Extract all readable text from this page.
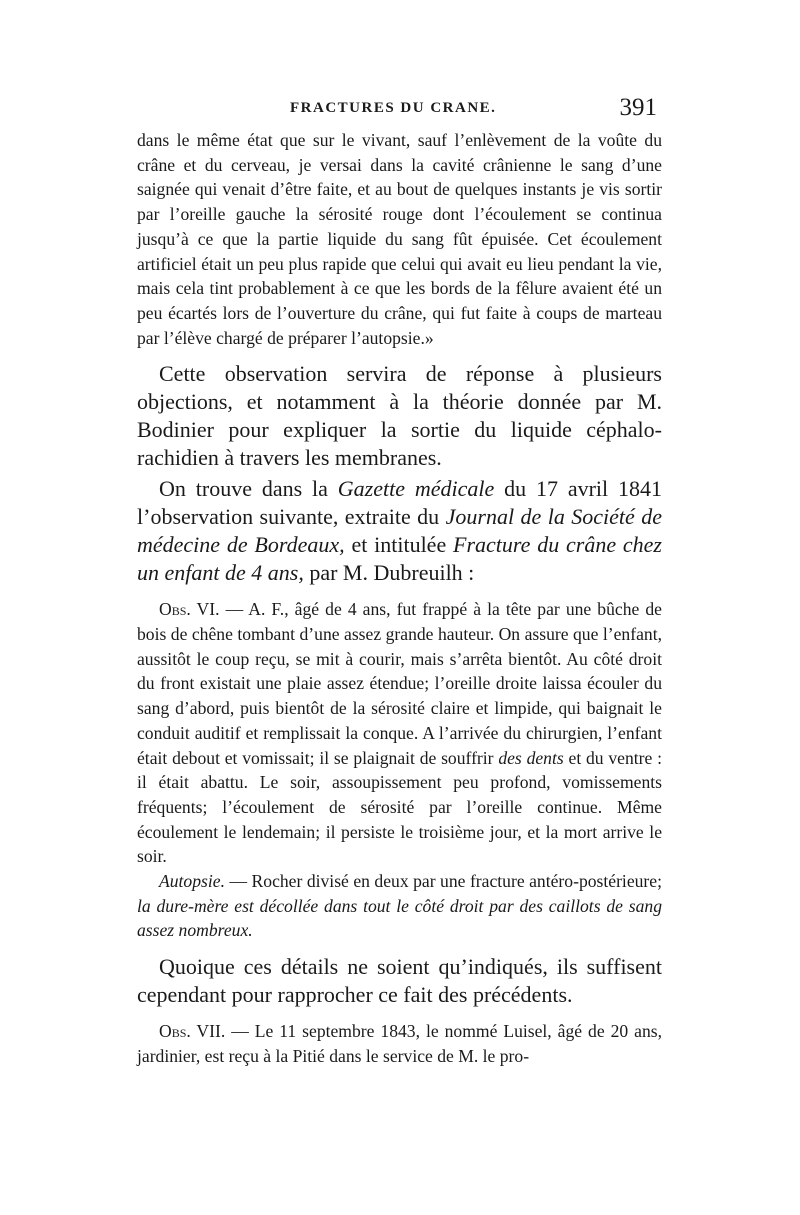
FRACTURES DU CRANE.	391

dans le même état que sur le vivant, sauf l’enlèvement de la voûte du crâne et du cerveau, je versai dans la cavité crânienne le sang d’une saignée qui venait d’être faite, et au bout de quelques instants je vis sortir par l’oreille gauche la sérosité rouge dont l’écoulement se continua jusqu’à ce que la partie liquide du sang fût épuisée. Cet écoulement artificiel était un peu plus rapide que celui qui avait eu lieu pendant la vie, mais cela tint probablement à ce que les bords de la fêlure avaient été un peu écartés lors de l’ouverture du crâne, qui fut faite à coups de marteau par l’élève chargé de préparer l’autopsie.»

Cette observation servira de réponse à plusieurs objections, et notamment à la théorie donnée par M. Bodinier pour expliquer la sortie du liquide céphalo-rachidien à travers les membranes.

On trouve dans la Gazette médicale du 17 avril 1841 l’observation suivante, extraite du Journal de la Société de médecine de Bordeaux, et intitulée Fracture du crâne chez un enfant de 4 ans, par M. Dubreuilh :

Obs. VI. — A. F., âgé de 4 ans, fut frappé à la tête par une bûche de bois de chêne tombant d’une assez grande hauteur. On assure que l’enfant, aussitôt le coup reçu, se mit à courir, mais s’arrêta bientôt. Au côté droit du front existait une plaie assez étendue; l’oreille droite laissa écouler du sang d’abord, puis bientôt de la sérosité claire et limpide, qui baignait le conduit auditif et remplissait la conque. A l’arrivée du chirurgien, l’enfant était debout et vomissait; il se plaignait de souffrir des dents et du ventre : il était abattu. Le soir, assoupissement peu profond, vomissements fréquents; l’écoulement de sérosité par l’oreille continue. Même écoulement le lendemain; il persiste le troisième jour, et la mort arrive le soir.

Autopsie. — Rocher divisé en deux par une fracture antéro-postérieure; la dure-mère est décollée dans tout le côté droit par des caillots de sang assez nombreux.

Quoique ces détails ne soient qu’indiqués, ils suffisent cependant pour rapprocher ce fait des précédents.

Obs. VII. — Le 11 septembre 1843, le nommé Luisel, âgé de 20 ans, jardinier, est reçu à la Pitié dans le service de M. le pro-
